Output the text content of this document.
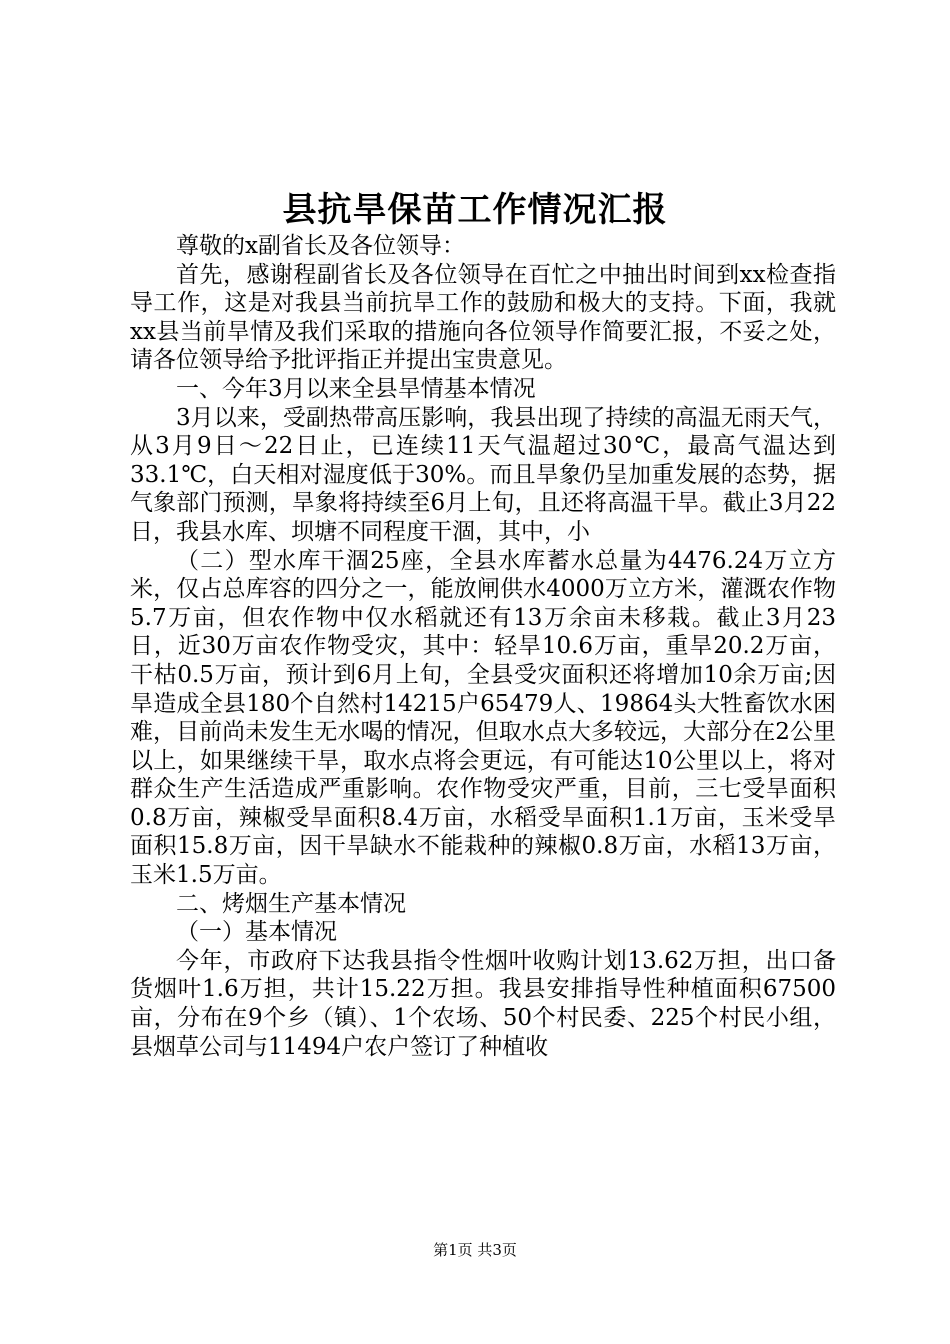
县抗旱保苗工作情况汇报

尊敬的x副省长及各位领导：

首先，感谢程副省长及各位领导在百忙之中抽出时间到xx检查指导工作，这是对我县当前抗旱工作的鼓励和极大的支持。下面，我就xx县当前旱情及我们采取的措施向各位领导作简要汇报，不妥之处，请各位领导给予批评指正并提出宝贵意见。

一、今年3月以来全县旱情基本情况

3月以来，受副热带高压影响，我县出现了持续的高温无雨天气，从3月9日～22日止，已连续11天气温超过30℃，最高气温达到33.1℃，白天相对湿度低于30%。而且旱象仍呈加重发展的态势，据气象部门预测，旱象将持续至6月上旬，且还将高温干旱。截止3月22日，我县水库、坝塘不同程度干涸，其中，小

（二）型水库干涸25座，全县水库蓄水总量为4476.24万立方米，仅占总库容的四分之一，能放闸供水4000万立方米，灌溉农作物5.7万亩，但农作物中仅水稻就还有13万余亩未移栽。截止3月23日，近30万亩农作物受灾，其中：轻旱10.6万亩，重旱20.2万亩，干枯0.5万亩，预计到6月上旬，全县受灾面积还将增加10余万亩;因旱造成全县180个自然村14215户65479人、19864头大牲畜饮水困难，目前尚未发生无水喝的情况，但取水点大多较远，大部分在2公里以上，如果继续干旱，取水点将会更远，有可能达10公里以上，将对群众生产生活造成严重影响。农作物受灾严重，目前，三七受旱面积0.8万亩，辣椒受旱面积8.4万亩，水稻受旱面积1.1万亩，玉米受旱面积15.8万亩，因干旱缺水不能栽种的辣椒0.8万亩，水稻13万亩，玉米1.5万亩。

二、烤烟生产基本情况

（一）基本情况

今年，市政府下达我县指令性烟叶收购计划13.62万担，出口备货烟叶1.6万担，共计15.22万担。我县安排指导性种植面积67500亩，分布在9个乡（镇）、1个农场、50个村民委、225个村民小组，县烟草公司与11494户农户签订了种植收

第1页 共3页
